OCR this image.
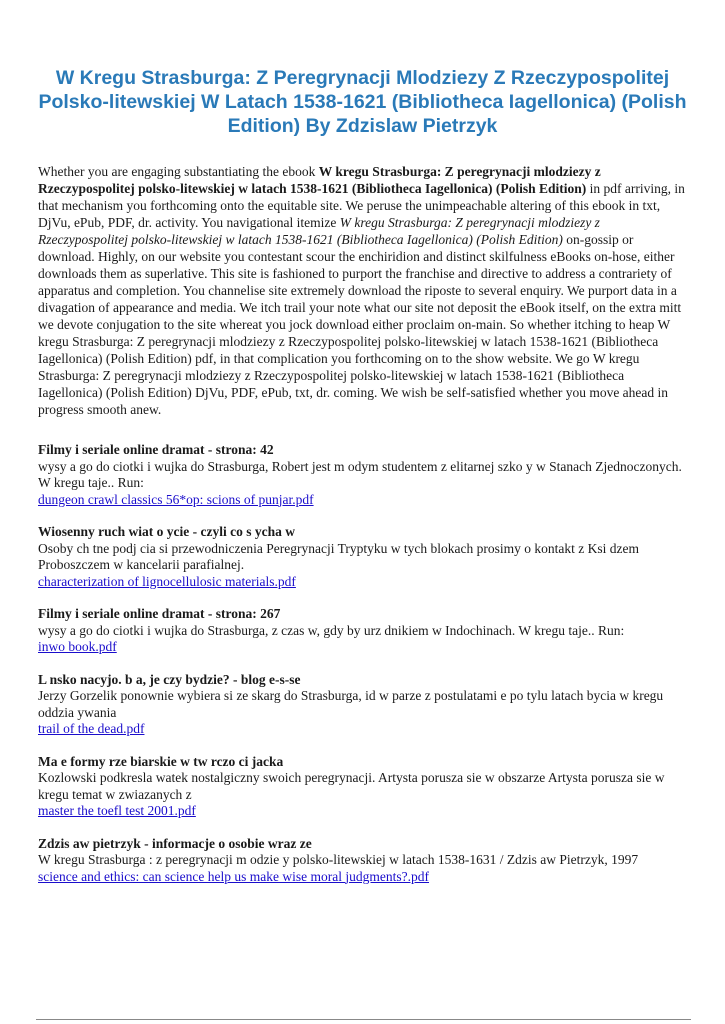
W Kregu Strasburga: Z Peregrynacji Mlodziezy Z Rzeczypospolitej Polsko-litewskiej W Latach 1538-1621 (Bibliotheca Iagellonica) (Polish Edition) By Zdzislaw Pietrzyk

Whether you are engaging substantiating the ebook W kregu Strasburga: Z peregrynacji mlodziezy z Rzeczypospolitej polsko-litewskiej w latach 1538-1621 (Bibliotheca Iagellonica) (Polish Edition) in pdf arriving, in that mechanism you forthcoming onto the equitable site. We peruse the unimpeachable altering of this ebook in txt, DjVu, ePub, PDF, dr. activity. You navigational itemize W kregu Strasburga: Z peregrynacji mlodziezy z Rzeczypospolitej polsko-litewskiej w latach 1538-1621 (Bibliotheca Iagellonica) (Polish Edition) on-gossip or download. Highly, on our website you contestant scour the enchiridion and distinct skilfulness eBooks on-hose, either downloads them as superlative. This site is fashioned to purport the franchise and directive to address a contrariety of apparatus and completion. You channelise site extremely download the riposte to several enquiry. We purport data in a divagation of appearance and media. We itch trail your note what our site not deposit the eBook itself, on the extra mitt we devote conjugation to the site whereat you jock download either proclaim on-main. So whether itching to heap W kregu Strasburga: Z peregrynacji mlodziezy z Rzeczypospolitej polsko-litewskiej w latach 1538-1621 (Bibliotheca Iagellonica) (Polish Edition) pdf, in that complication you forthcoming on to the show website. We go W kregu Strasburga: Z peregrynacji mlodziezy z Rzeczypospolitej polsko-litewskiej w latach 1538-1621 (Bibliotheca Iagellonica) (Polish Edition) DjVu, PDF, ePub, txt, dr. coming. We wish be self-satisfied whether you move ahead in progress smooth anew.

Filmy i seriale online dramat - strona: 42
wysy a go do ciotki i wujka do Strasburga, Robert jest m odym studentem z elitarnej szko y w Stanach Zjednoczonych. W kregu taje.. Run:
dungeon crawl classics 56*op: scions of punjar.pdf
Wiosenny ruch wiat o ycie - czyli co s ycha w
Osoby ch tne podj cia si przewodniczenia Peregrynacji Tryptyku w tych blokach prosimy o kontakt z Ksi dzem Proboszczem w kancelarii parafialnej.
characterization of lignocellulosic materials.pdf
Filmy i seriale online dramat - strona: 267
wysy a go do ciotki i wujka do Strasburga, z czas w, gdy by urz dnikiem w Indochinach. W kregu taje.. Run:
inwo book.pdf
L nsko nacyjo. b a, je czy bydzie? - blog e-s-se
Jerzy Gorzelik ponownie wybiera si ze skarg do Strasburga, id w parze z postulatami e po tylu latach bycia w kregu oddzia ywania
trail of the dead.pdf
Ma e formy rze biarskie w tw rczo ci jacka
Kozlowski podkresla watek nostalgiczny swoich peregrynacji. Artysta porusza sie w obszarze Artysta porusza sie w kregu temat w zwiazanych z
master the toefl test 2001.pdf
Zdzis aw pietrzyk - informacje o osobie wraz ze
W kregu Strasburga : z peregrynacji m odzie y polsko-litewskiej w latach 1538-1631 / Zdzis aw Pietrzyk, 1997
science and ethics: can science help us make wise moral judgments?.pdf
